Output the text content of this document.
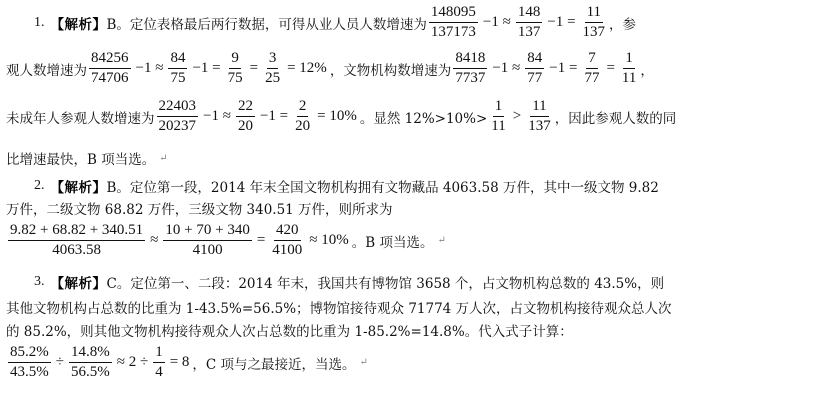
1. 【解析】 B。定位表格最后两行数据，可得从业人员人数增速为 $\frac{148095}{137173} -1 \approx \frac{148}{137} -1 = \frac{11}{137}$ ，参
观人数增速为 $\frac{84256}{74706} -1 \approx \frac{84}{75} -1 = \frac{9}{75} = \frac{3}{25} = 12\%$ ，文物机构数增速为 $\frac{8418}{7737} -1 \approx \frac{84}{77} -1 = \frac{7}{77} = \frac{1}{11}$ ，
未成年人参观人数增速为 $\frac{22403}{20237} -1 \approx \frac{22}{20} -1 = \frac{2}{20} = 10\%$ 。显然 $12\%>10\%> \frac{1}{11} > \frac{11}{137}$ ，因此参观人数的同
比增速最快，B 项当选。 ↵
2. 【解析】 B。定位第一段，2014 年末全国文物机构拥有文物藏品 4063.58 万件，其中一级文物 9.82
万件，二级文物 68.82 万件，三级文物 340.51 万件，则所求为
$\frac{9.82 + 68.82 + 340.51}{4063.58} \approx \frac{10 + 70 + 340}{4100} = \frac{420}{4100} \approx 10\%$ 。B 项当选。 ↵
3. 【解析】 C。定位第一、二段：2014 年末，我国共有博物馆 3658 个，占文物机构总数的 43.5%，则
其他文物机构占总数的比重为 1-43.5%=56.5%；博物馆接待观众 71774 万人次，占文物机构接待观众总人次
的 85.2%，则其他文物机构接待观众人次占总数的比重为 1-85.2%=14.8%。代入式子计算：
$\frac{85.2\%}{43.5\%} \div \frac{14.8\%}{56.5\%} \approx 2 \div \frac{1}{4} = 8$ ，C 项与之最接近，当选。 ↵
